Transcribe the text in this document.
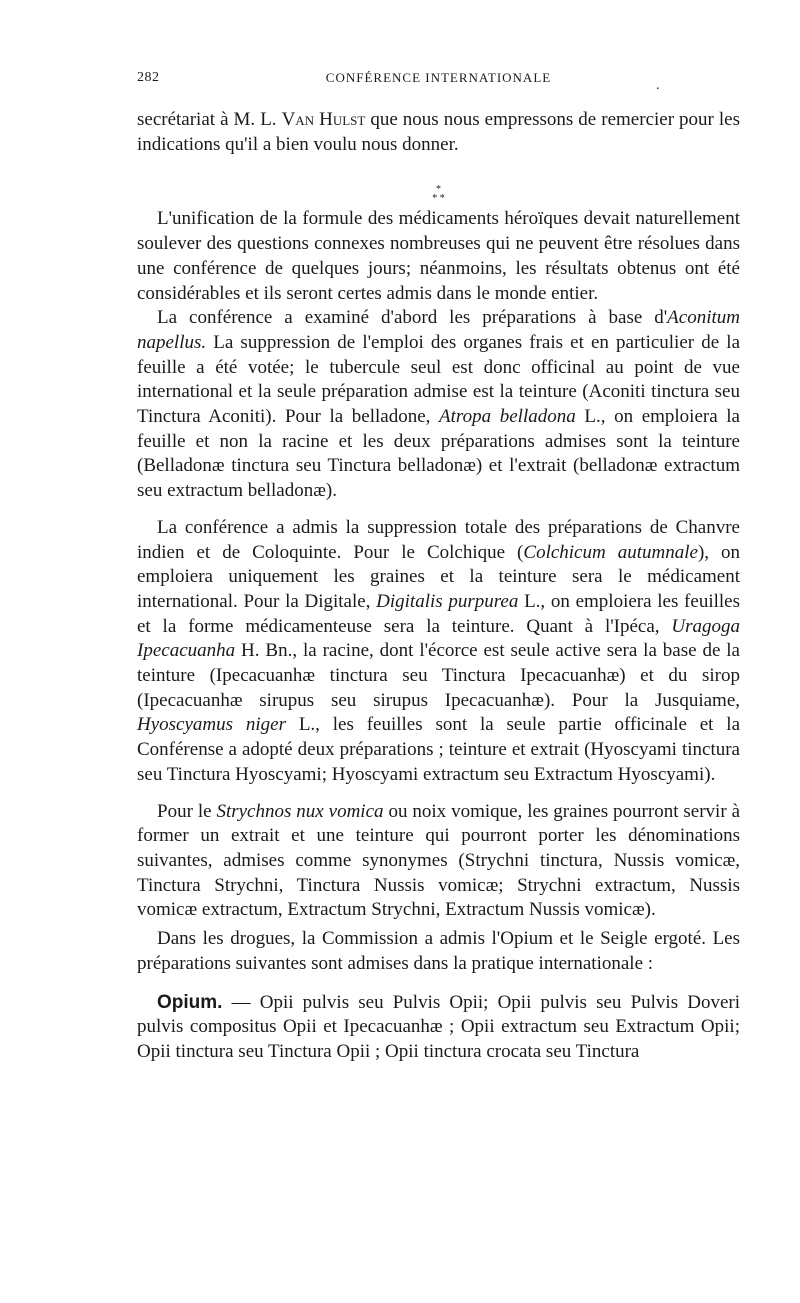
282	CONFÉRENCE INTERNATIONALE
.

secrétariat à M. L. Van Hulst que nous nous empressons de remercier pour les indications qu'il a bien voulu nous donner.

*
* *

L'unification de la formule des médicaments héroïques devait naturellement soulever des questions connexes nombreuses qui ne peuvent être résolues dans une conférence de quelques jours; néanmoins, les résultats obtenus ont été considérables et ils seront certes admis dans le monde entier.

La conférence a examiné d'abord les préparations à base d'Aconitum napellus. La suppression de l'emploi des organes frais et en particulier de la feuille a été votée; le tubercule seul est donc officinal au point de vue international et la seule préparation admise est la teinture (Aconiti tinctura seu Tinctura Aconiti). Pour la belladone, Atropa belladona L., on emploiera la feuille et non la racine et les deux préparations admises sont la teinture (Belladonæ tinctura seu Tinctura belladonæ) et l'extrait (belladonæ extractum seu extractum belladonæ).

La conférence a admis la suppression totale des préparations de Chanvre indien et de Coloquinte. Pour le Colchique (Colchicum autumnale), on emploiera uniquement les graines et la teinture sera le médicament international. Pour la Digitale, Digitalis purpurea L., on emploiera les feuilles et la forme médicamenteuse sera la teinture. Quant à l'Ipéca, Uragoga Ipecacuanha H. Bn., la racine, dont l'écorce est seule active sera la base de la teinture (Ipecacuanhæ tinctura seu Tinctura Ipecacuanhæ) et du sirop (Ipecacuanhæ sirupus seu sirupus Ipecacuanhæ). Pour la Jusquiame, Hyoscyamus niger L., les feuilles sont la seule partie officinale et la Conférense a adopté deux préparations ; teinture et extrait (Hyoscyami tinctura seu Tinctura Hyoscyami; Hyoscyami extractum seu Extractum Hyoscyami).

Pour le Strychnos nux vomica ou noix vomique, les graines pourront servir à former un extrait et une teinture qui pourront porter les dénominations suivantes, admises comme synonymes (Strychni tinctura, Nussis vomicæ, Tinctura Strychni, Tinctura Nussis vomicæ; Strychni extractum, Nussis vomicæ extractum, Extractum Strychni, Extractum Nussis vomicæ).

Dans les drogues, la Commission a admis l'Opium et le Seigle ergoté. Les préparations suivantes sont admises dans la pratique internationale :

Opium. — Opii pulvis seu Pulvis Opii; Opii pulvis seu Pulvis Doveri pulvis compositus Opii et Ipecacuanhæ ; Opii extractum seu Extractum Opii; Opii tinctura seu Tinctura Opii ; Opii tinctura crocata seu Tinctura
